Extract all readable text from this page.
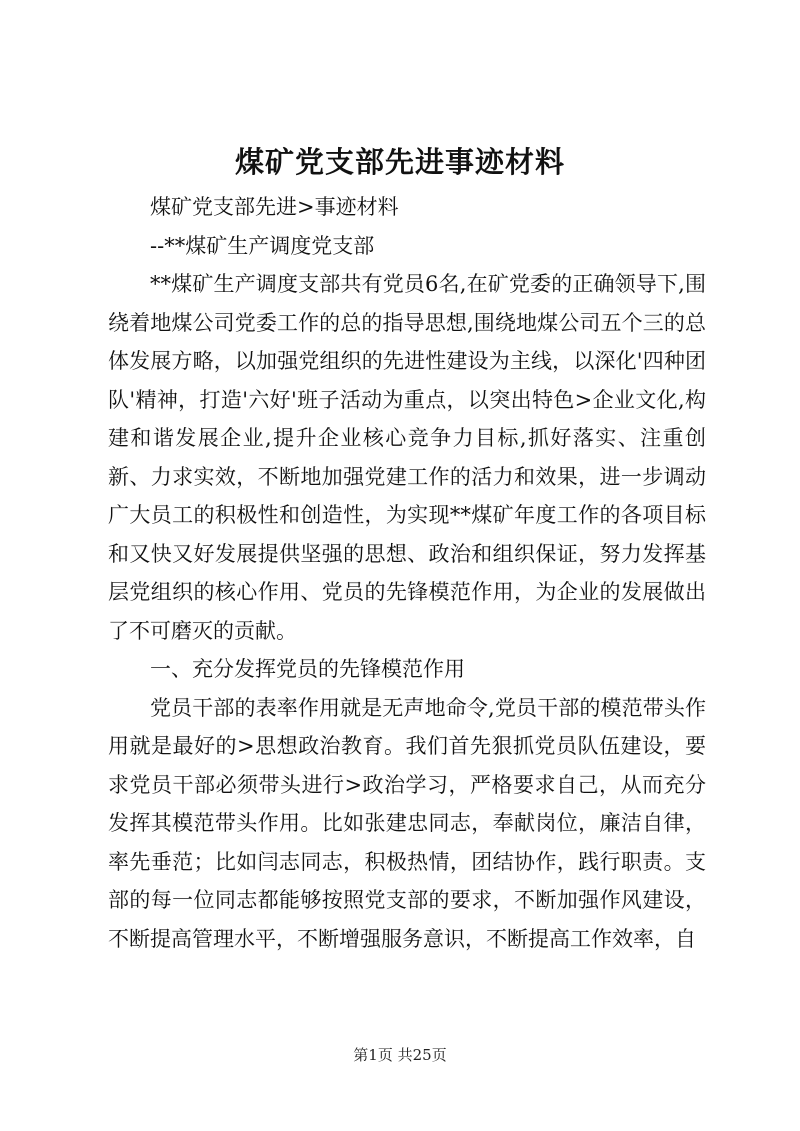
煤矿党支部先进事迹材料

煤矿党支部先进>事迹材料

--**煤矿生产调度党支部

**煤矿生产调度支部共有党员6名,在矿党委的正确领导下,围绕着地煤公司党委工作的总的指导思想,围绕地煤公司五个三的总体发展方略，以加强党组织的先进性建设为主线，以深化'四种团队'精神，打造'六好'班子活动为重点，以突出特色>企业文化,构建和谐发展企业,提升企业核心竞争力目标,抓好落实、注重创新、力求实效，不断地加强党建工作的活力和效果，进一步调动广大员工的积极性和创造性，为实现**煤矿年度工作的各项目标和又快又好发展提供坚强的思想、政治和组织保证，努力发挥基层党组织的核心作用、党员的先锋模范作用，为企业的发展做出了不可磨灭的贡献。

一、充分发挥党员的先锋模范作用

党员干部的表率作用就是无声地命令,党员干部的模范带头作用就是最好的>思想政治教育。我们首先狠抓党员队伍建设，要求党员干部必须带头进行>政治学习，严格要求自己，从而充分发挥其模范带头作用。比如张建忠同志，奉献岗位，廉洁自律，率先垂范；比如闫志同志，积极热情，团结协作，践行职责。支部的每一位同志都能够按照党支部的要求，不断加强作风建设，不断提高管理水平，不断增强服务意识，不断提高工作效率，自

第1页 共25页
